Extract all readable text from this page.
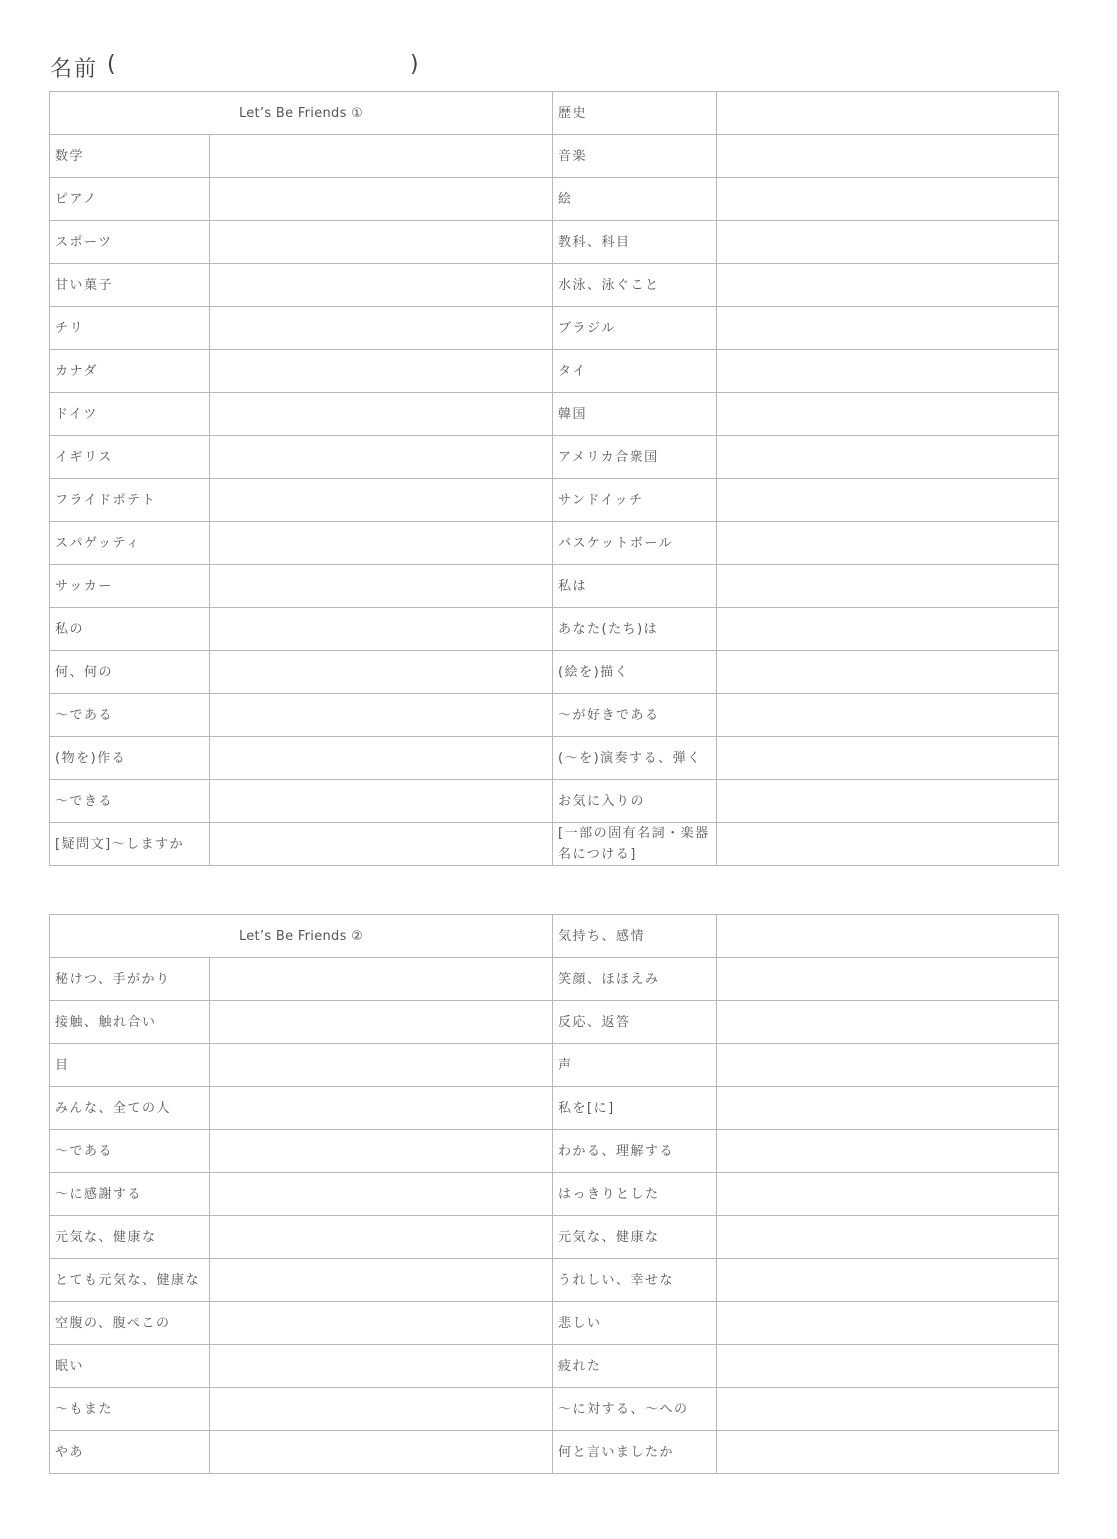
名前 (	)
Let’s Be Friends ①		歴史	
数学		音楽	
ピアノ		絵	
スポーツ		教科、科目	
甘い菓子		水泳、泳ぐこと	
チリ		ブラジル	
カナダ		タイ	
ドイツ		韓国	
イギリス		アメリカ合衆国	
フライドポテト		サンドイッチ	
スパゲッティ		バスケットボール	
サッカー		私は	
私の		あなた(たち)は	
何、何の		(絵を)描く	
～である		～が好きである	
(物を)作る		(～を)演奏する、弾く	
～できる		お気に入りの	
[疑問文]～しますか		[一部の固有名詞・楽器名につける]	
Let’s Be Friends ②		気持ち、感情	
秘けつ、手がかり		笑顔、ほほえみ	
接触、触れ合い		反応、返答	
目		声	
みんな、全ての人		私を[に]	
～である		わかる、理解する	
～に感謝する		はっきりとした	
元気な、健康な		元気な、健康な	
とても元気な、健康な		うれしい、幸せな	
空腹の、腹ぺこの		悲しい	
眠い		疲れた	
～もまた		～に対する、～への	
やあ		何と言いましたか	
